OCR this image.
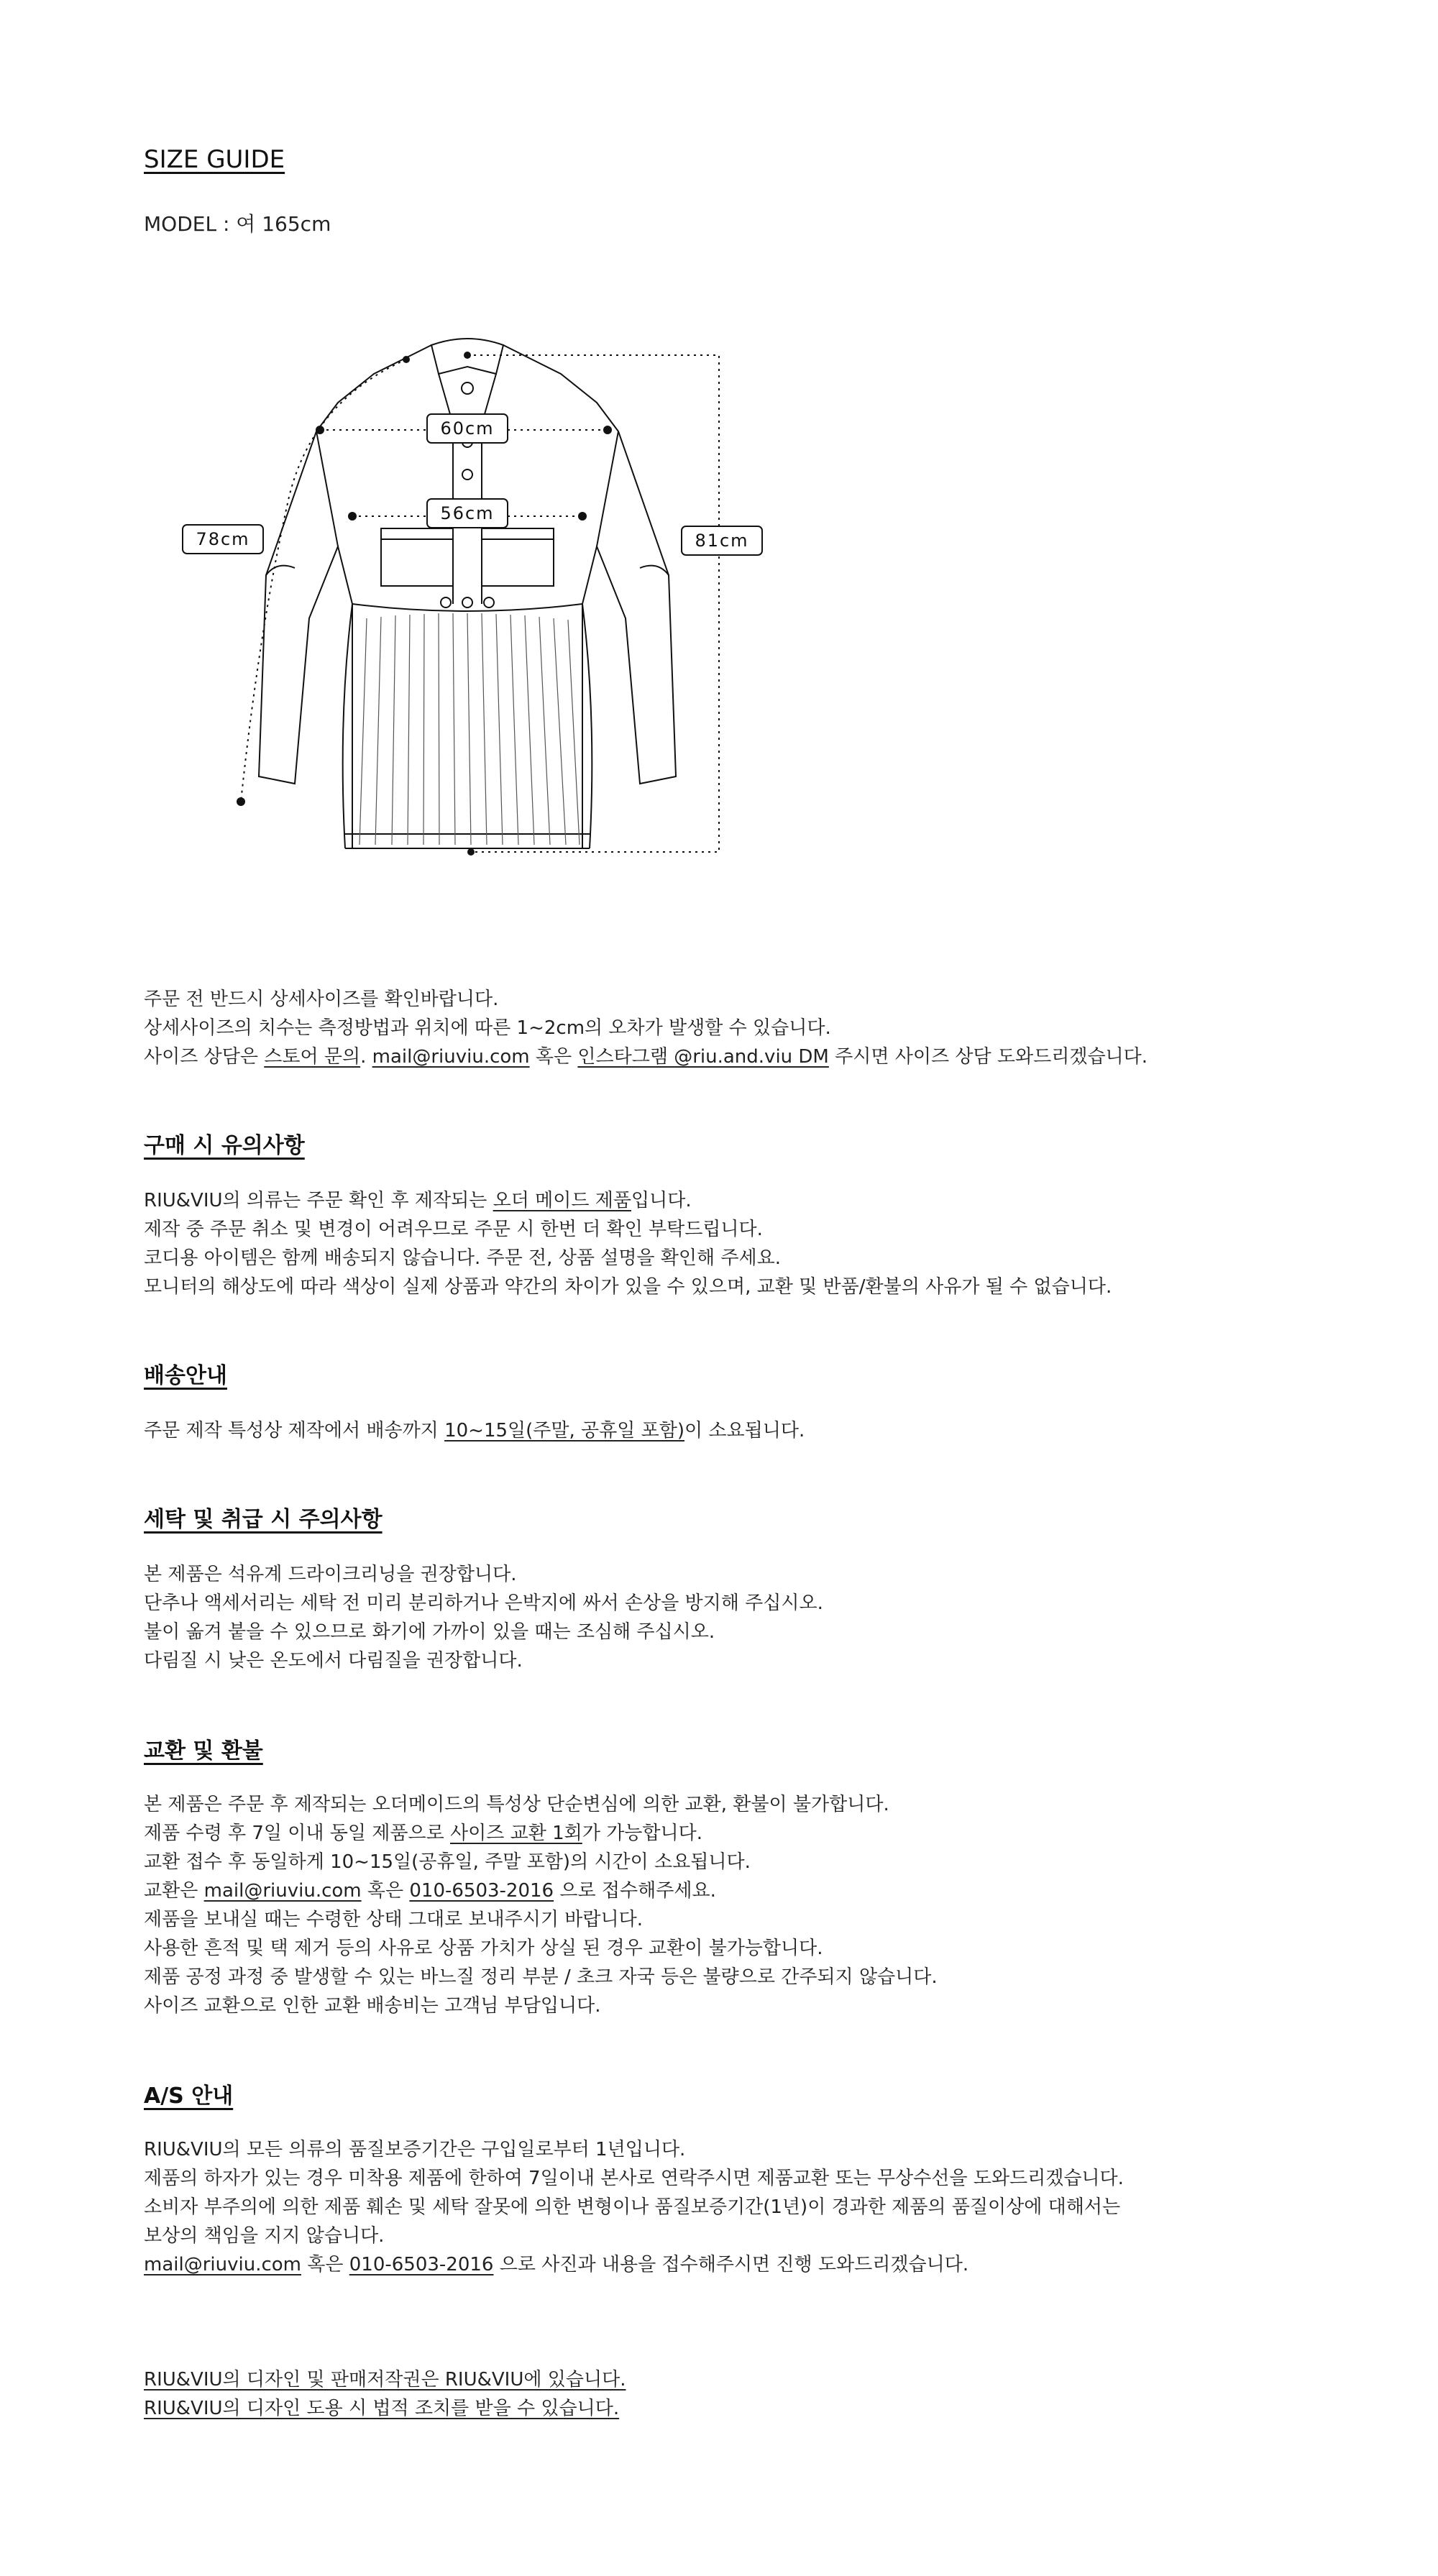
SIZE GUIDE
MODEL : 여 165cm
60cm
56cm
78cm	81cm
주문 전 반드시 상세사이즈를 확인바랍니다.
상세사이즈의 치수는 측정방법과 위치에 따른 1~2cm의 오차가 발생할 수 있습니다.
사이즈 상담은 스토어 문의. mail@riuviu.com 혹은 인스타그램 @riu.and.viu DM 주시면 사이즈 상담 도와드리겠습니다.
구매 시 유의사항
RIU&VIU의 의류는 주문 확인 후 제작되는 오더 메이드 제품입니다.
제작 중 주문 취소 및 변경이 어려우므로 주문 시 한번 더 확인 부탁드립니다.
코디용 아이템은 함께 배송되지 않습니다. 주문 전, 상품 설명을 확인해 주세요.
모니터의 해상도에 따라 색상이 실제 상품과 약간의 차이가 있을 수 있으며, 교환 및 반품/환불의 사유가 될 수 없습니다.
배송안내
주문 제작 특성상 제작에서 배송까지 10~15일(주말, 공휴일 포함)이 소요됩니다.
세탁 및 취급 시 주의사항
본 제품은 석유계 드라이크리닝을 권장합니다.
단추나 액세서리는 세탁 전 미리 분리하거나 은박지에 싸서 손상을 방지해 주십시오.
불이 옮겨 붙을 수 있으므로 화기에 가까이 있을 때는 조심해 주십시오.
다림질 시 낮은 온도에서 다림질을 권장합니다.
교환 및 환불
본 제품은 주문 후 제작되는 오더메이드의 특성상 단순변심에 의한 교환, 환불이 불가합니다.
제품 수령 후 7일 이내 동일 제품으로 사이즈 교환 1회가 가능합니다.
교환 접수 후 동일하게 10~15일(공휴일, 주말 포함)의 시간이 소요됩니다.
교환은 mail@riuviu.com 혹은 010-6503-2016 으로 접수해주세요.
제품을 보내실 때는 수령한 상태 그대로 보내주시기 바랍니다.
사용한 흔적 및 택 제거 등의 사유로 상품 가치가 상실 된 경우 교환이 불가능합니다.
제품 공정 과정 중 발생할 수 있는 바느질 정리 부분 / 초크 자국 등은 불량으로 간주되지 않습니다.
사이즈 교환으로 인한 교환 배송비는 고객님 부담입니다.
A/S 안내
RIU&VIU의 모든 의류의 품질보증기간은 구입일로부터 1년입니다.
제품의 하자가 있는 경우 미착용 제품에 한하여 7일이내 본사로 연락주시면 제품교환 또는 무상수선을 도와드리겠습니다.
소비자 부주의에 의한 제품 훼손 및 세탁 잘못에 의한 변형이나 품질보증기간(1년)이 경과한 제품의 품질이상에 대해서는
보상의 책임을 지지 않습니다.
mail@riuviu.com 혹은 010-6503-2016 으로 사진과 내용을 접수해주시면 진행 도와드리겠습니다.
RIU&VIU의 디자인 및 판매저작권은 RIU&VIU에 있습니다.
RIU&VIU의 디자인 도용 시 법적 조치를 받을 수 있습니다.
